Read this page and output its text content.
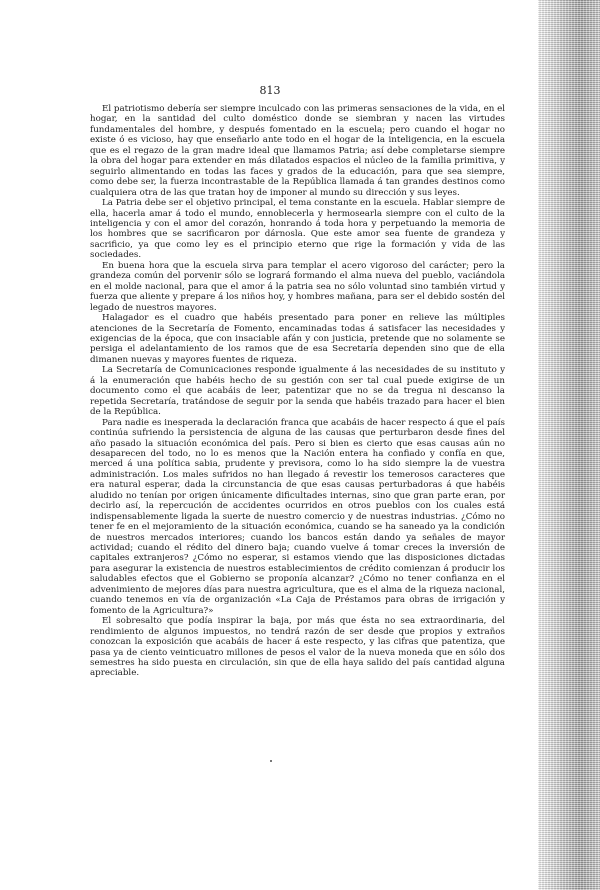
813

El patriotismo debería ser siempre inculcado con las primeras sensaciones de la vida, en el hogar, en la santidad del culto doméstico donde se siembran y nacen las virtudes fundamentales del hombre, y después fomentado en la escuela; pero cuando el hogar no existe ó es vicioso, hay que enseñarlo ante todo en el hogar de la inteligencia, en la escuela que es el regazo de la gran madre ideal que llamamos Patria; así debe completarse siempre la obra del hogar para extender en más dilatados espacios el núcleo de la familia primitiva, y seguirlo alimentando en todas las faces y grados de la educación, para que sea siempre, como debe ser, la fuerza incontrastable de la República llamada á tan grandes destinos como cualquiera otra de las que tratan hoy de imponer al mundo su dirección y sus leyes.

La Patria debe ser el objetivo principal, el tema constante en la escuela. Hablar siempre de ella, hacerla amar á todo el mundo, ennoblecerla y hermosearla siempre con el culto de la inteligencia y con el amor del corazón, honrando á toda hora y perpetuando la memoria de los hombres que se sacrificaron por dárnosla. Que este amor sea fuente de grandeza y sacrificio, ya que como ley es el principio eterno que rige la formación y vida de las sociedades.

En buena hora que la escuela sirva para templar el acero vigoroso del carácter; pero la grandeza común del porvenir sólo se logrará formando el alma nueva del pueblo, vaciándola en el molde nacional, para que el amor á la patria sea no sólo voluntad sino también virtud y fuerza que aliente y prepare á los niños hoy, y hombres mañana, para ser el debido sostén del legado de nuestros mayores.

Halagador es el cuadro que habéis presentado para poner en relieve las múltiples atenciones de la Secretaría de Fomento, encaminadas todas á satisfacer las necesidades y exigencias de la época, que con insaciable afán y con justicia, pretende que no solamente se persiga el adelantamiento de los ramos que de esa Secretaría dependen sino que de ella dimanen nuevas y mayores fuentes de riqueza.

La Secretaría de Comunicaciones responde igualmente á las necesidades de su instituto y á la enumeración que habéis hecho de su gestión con ser tal cual puede exigirse de un documento como el que acabáis de leer, patentizar que no se da tregua ni descanso la repetida Secretaría, tratándose de seguir por la senda que habéis trazado para hacer el bien de la República.

Para nadie es inesperada la declaración franca que acabáis de hacer respecto á que el país continúa sufriendo la persistencia de alguna de las causas que perturbaron desde fines del año pasado la situación económica del país. Pero si bien es cierto que esas causas aún no desaparecen del todo, no lo es menos que la Nación entera ha confiado y confía en que, merced á una política sabia, prudente y previsora, como lo ha sido siempre la de vuestra administración. Los males sufridos no han llegado á revestir los temerosos caracteres que era natural esperar, dada la circunstancia de que esas causas perturbadoras á que habéis aludido no tenían por origen únicamente dificultades internas, sino que gran parte eran, por decirlo así, la repercución de accidentes ocurridos en otros pueblos con los cuales está indispensablemente ligada la suerte de nuestro comercio y de nuestras industrias. ¿Cómo no tener fe en el mejoramiento de la situación económica, cuando se ha saneado ya la condición de nuestros mercados interiores; cuando los bancos están dando ya señales de mayor actividad; cuando el rédito del dinero baja; cuando vuelve á tomar creces la inversión de capitales extranjeros? ¿Cómo no esperar, si estamos viendo que las disposiciones dictadas para asegurar la existencia de nuestros establecimientos de crédito comienzan á producir los saludables efectos que el Gobierno se proponía alcanzar? ¿Cómo no tener confianza en el advenimiento de mejores días para nuestra agricultura, que es el alma de la riqueza nacional, cuando tenemos en vía de organización «La Caja de Préstamos para obras de irrigación y fomento de la Agricultura?»

El sobresalto que podía inspirar la baja, por más que ésta no sea extraordinaria, del rendimiento de algunos impuestos, no tendrá razón de ser desde que propios y extraños conozcan la exposición que acabáis de hacer á este respecto, y las cifras que patentiza, que pasa ya de ciento veinticuatro millones de pesos el valor de la nueva moneda que en sólo dos semestres ha sido puesta en circulación, sin que de ella haya salido del país cantidad alguna apreciable.
